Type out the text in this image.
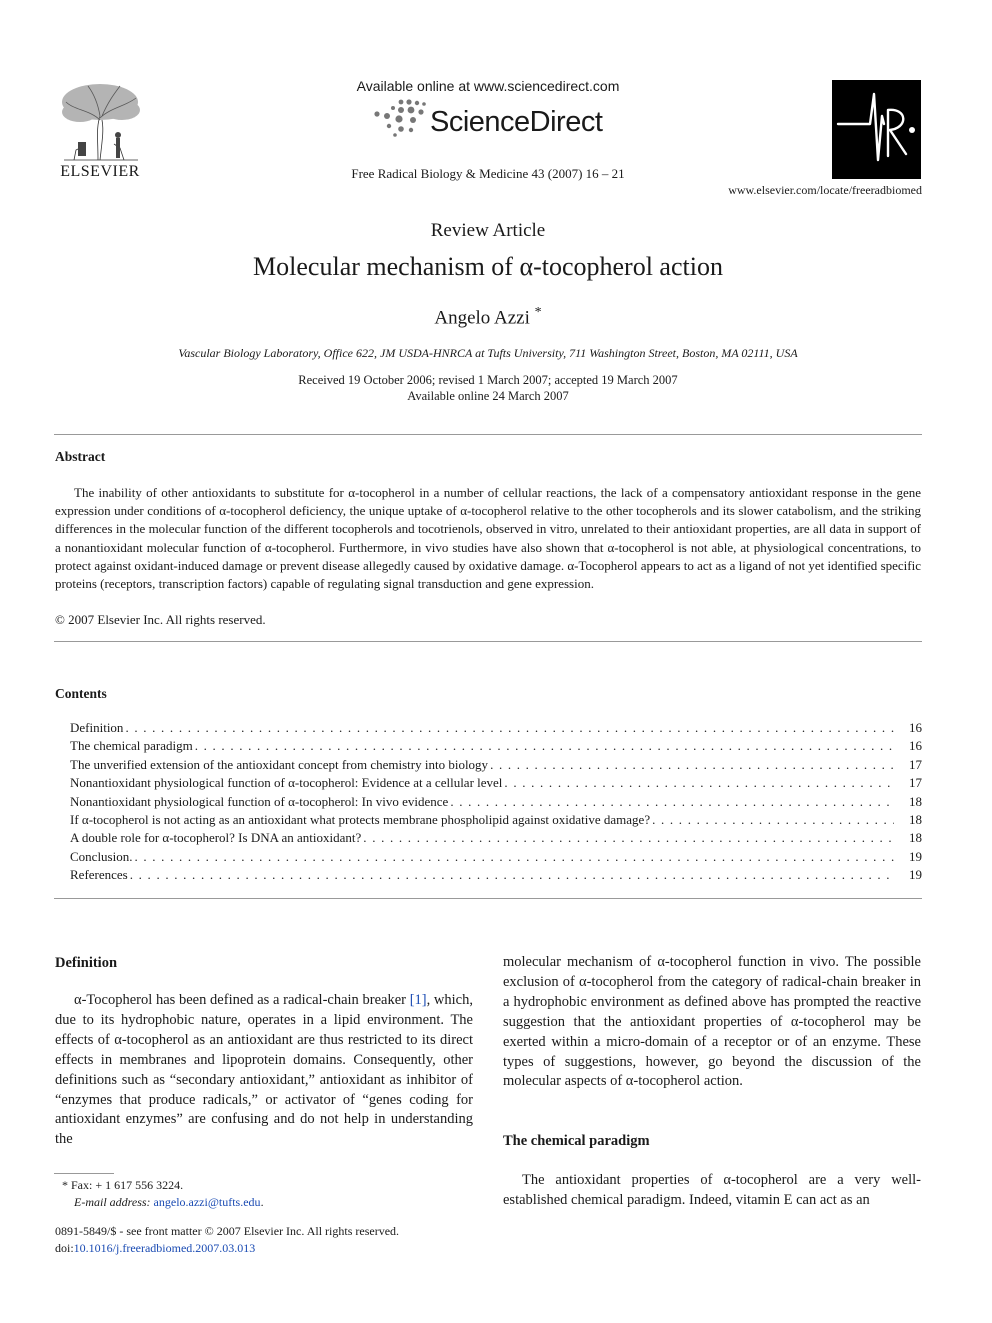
ELSEVIER
Available online at www.sciencedirect.com
ScienceDirect
Free Radical Biology & Medicine 43 (2007) 16 – 21
www.elsevier.com/locate/freeradbiomed
Review Article
Molecular mechanism of α-tocopherol action
Angelo Azzi *
Vascular Biology Laboratory, Office 622, JM USDA-HNRCA at Tufts University, 711 Washington Street, Boston, MA 02111, USA
Received 19 October 2006; revised 1 March 2007; accepted 19 March 2007
Available online 24 March 2007
Abstract

The inability of other antioxidants to substitute for α-tocopherol in a number of cellular reactions, the lack of a compensatory antioxidant response in the gene expression under conditions of α-tocopherol deficiency, the unique uptake of α-tocopherol relative to the other tocopherols and its slower catabolism, and the striking differences in the molecular function of the different tocopherols and tocotrienols, observed in vitro, unrelated to their antioxidant properties, are all data in support of a nonantioxidant molecular function of α-tocopherol. Furthermore, in vivo studies have also shown that α-tocopherol is not able, at physiological concentrations, to protect against oxidant-induced damage or prevent disease allegedly caused by oxidative damage. α-Tocopherol appears to act as a ligand of not yet identified specific proteins (receptors, transcription factors) capable of regulating signal transduction and gene expression.

© 2007 Elsevier Inc. All rights reserved.
Contents
Definition . . .	16
The chemical paradigm . . .	16
The unverified extension of the antioxidant concept from chemistry into biology . . .	17
Nonantioxidant physiological function of α-tocopherol: Evidence at a cellular level . . .	17
Nonantioxidant physiological function of α-tocopherol: In vivo evidence . . .	18
If α-tocopherol is not acting as an antioxidant what protects membrane phospholipid against oxidative damage? . . .	18
A double role for α-tocopherol? Is DNA an antioxidant? . . .	18
Conclusion. . . .	19
References . . .	19
Definition

α-Tocopherol has been defined as a radical-chain breaker [1], which, due to its hydrophobic nature, operates in a lipid environment. The effects of α-tocopherol as an antioxidant are thus restricted to its direct effects in membranes and lipoprotein domains. Consequently, other definitions such as “secondary antioxidant,” antioxidant as inhibitor of “enzymes that produce radicals,” or activator of “genes coding for antioxidant enzymes” are confusing and do not help in understanding the

molecular mechanism of α-tocopherol function in vivo. The possible exclusion of α-tocopherol from the category of radical-chain breaker in a hydrophobic environment as defined above has prompted the reactive suggestion that the antioxidant properties of α-tocopherol may be exerted within a micro-domain of a receptor or of an enzyme. These types of suggestions, however, go beyond the discussion of the molecular aspects of α-tocopherol action.

The chemical paradigm

The antioxidant properties of α-tocopherol are a very well-established chemical paradigm. Indeed, vitamin E can act as an

* Fax: + 1 617 556 3224.
E-mail address: angelo.azzi@tufts.edu.
0891-5849/$ - see front matter © 2007 Elsevier Inc. All rights reserved.
doi:10.1016/j.freeradbiomed.2007.03.013
